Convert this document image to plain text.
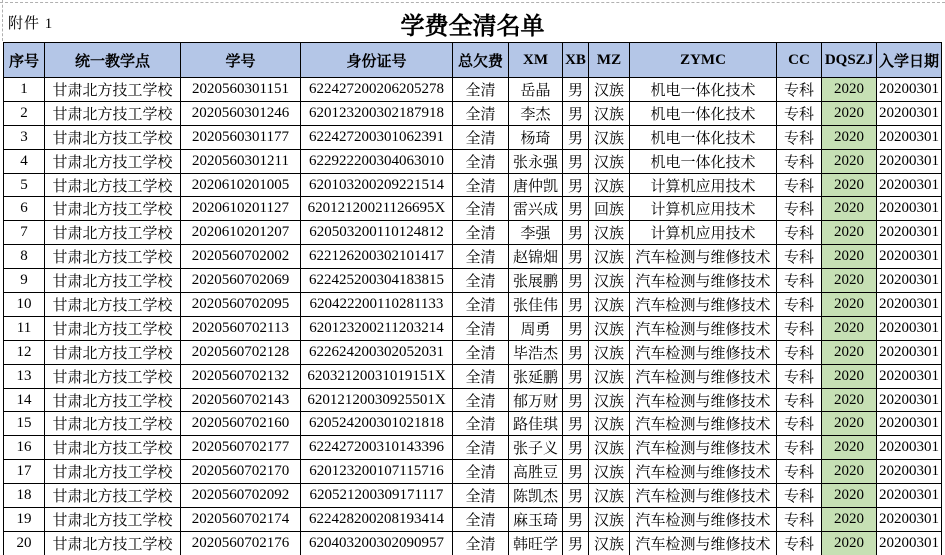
附件 1	学费全清名单
序号	统一教学点	学号	身份证号	总欠费	XM	XB	MZ	ZYMC	CC	DQSZJ	入学日期
1	甘肃北方技工学校	2020560301151	622427200206205278	全清	岳晶	男	汉族	机电一体化技术	专科	2020	20200301
2	甘肃北方技工学校	2020560301246	620123200302187918	全清	李杰	男	汉族	机电一体化技术	专科	2020	20200301
3	甘肃北方技工学校	2020560301177	622427200301062391	全清	杨琦	男	汉族	机电一体化技术	专科	2020	20200301
4	甘肃北方技工学校	2020560301211	622922200304063010	全清	张永强	男	汉族	机电一体化技术	专科	2020	20200301
5	甘肃北方技工学校	2020610201005	620103200209221514	全清	唐仲凯	男	汉族	计算机应用技术	专科	2020	20200301
6	甘肃北方技工学校	2020610201127	62012120021126695X	全清	雷兴成	男	回族	计算机应用技术	专科	2020	20200301
7	甘肃北方技工学校	2020610201207	620503200110124812	全清	李强	男	汉族	计算机应用技术	专科	2020	20200301
8	甘肃北方技工学校	2020560702002	622126200302101417	全清	赵锦畑	男	汉族	汽车检测与维修技术	专科	2020	20200301
9	甘肃北方技工学校	2020560702069	622425200304183815	全清	张展鹏	男	汉族	汽车检测与维修技术	专科	2020	20200301
10	甘肃北方技工学校	2020560702095	620422200110281133	全清	张佳伟	男	汉族	汽车检测与维修技术	专科	2020	20200301
11	甘肃北方技工学校	2020560702113	620123200211203214	全清	周勇	男	汉族	汽车检测与维修技术	专科	2020	20200301
12	甘肃北方技工学校	2020560702128	622624200302052031	全清	毕浩杰	男	汉族	汽车检测与维修技术	专科	2020	20200301
13	甘肃北方技工学校	2020560702132	62032120031019151X	全清	张延鹏	男	汉族	汽车检测与维修技术	专科	2020	20200301
14	甘肃北方技工学校	2020560702143	62012120030925501X	全清	郁万财	男	汉族	汽车检测与维修技术	专科	2020	20200301
15	甘肃北方技工学校	2020560702160	620524200301021818	全清	路佳琪	男	汉族	汽车检测与维修技术	专科	2020	20200301
16	甘肃北方技工学校	2020560702177	622427200310143396	全清	张子义	男	汉族	汽车检测与维修技术	专科	2020	20200301
17	甘肃北方技工学校	2020560702170	620123200107115716	全清	高胜豆	男	汉族	汽车检测与维修技术	专科	2020	20200301
18	甘肃北方技工学校	2020560702092	620521200309171117	全清	陈凯杰	男	汉族	汽车检测与维修技术	专科	2020	20200301
19	甘肃北方技工学校	2020560702174	622428200208193414	全清	麻玉琦	男	汉族	汽车检测与维修技术	专科	2020	20200301
20	甘肃北方技工学校	2020560702176	620403200302090957	全清	韩旺学	男	汉族	汽车检测与维修技术	专科	2020	20200301
